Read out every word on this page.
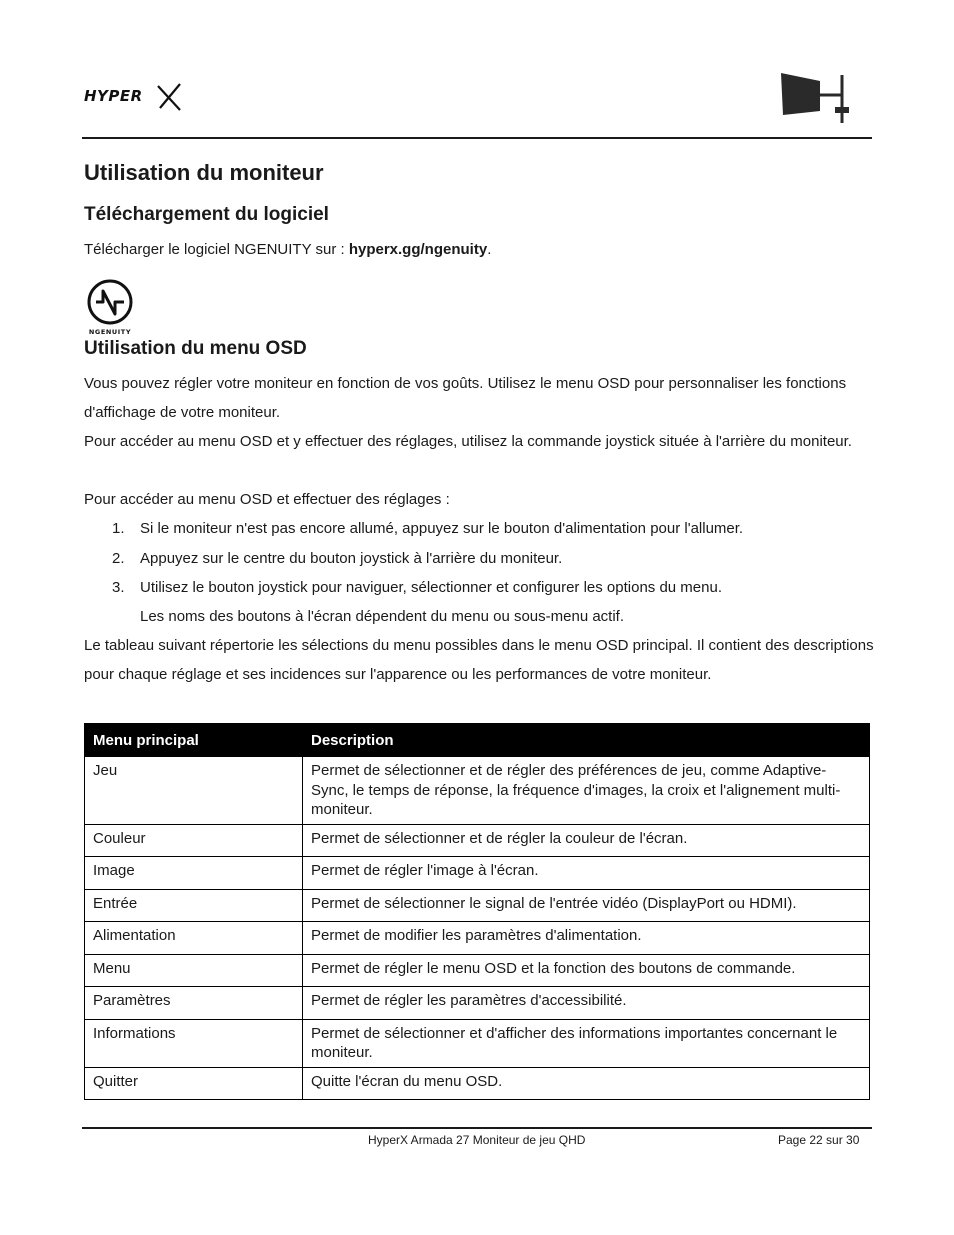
HYPER
Utilisation du moniteur
Téléchargement du logiciel
Télécharger le logiciel NGENUITY sur : hyperx.gg/ngenuity.
NGENUITY
Utilisation du menu OSD
Vous pouvez régler votre moniteur en fonction de vos goûts. Utilisez le menu OSD pour personnaliser les fonctions d'affichage de votre moniteur.
Pour accéder au menu OSD et y effectuer des réglages, utilisez la commande joystick située à l'arrière du moniteur.
Pour accéder au menu OSD et effectuer des réglages :
1. Si le moniteur n'est pas encore allumé, appuyez sur le bouton d'alimentation pour l'allumer.
2. Appuyez sur le centre du bouton joystick à l'arrière du moniteur.
3. Utilisez le bouton joystick pour naviguer, sélectionner et configurer les options du menu.
Les noms des boutons à l'écran dépendent du menu ou sous-menu actif.
Le tableau suivant répertorie les sélections du menu possibles dans le menu OSD principal. Il contient des descriptions pour chaque réglage et ses incidences sur l'apparence ou les performances de votre moniteur.
Menu principal	Description
Jeu	Permet de sélectionner et de régler des préférences de jeu, comme Adaptive-Sync, le temps de réponse, la fréquence d'images, la croix et l'alignement multi-moniteur.
Couleur	Permet de sélectionner et de régler la couleur de l'écran.
Image	Permet de régler l'image à l'écran.
Entrée	Permet de sélectionner le signal de l'entrée vidéo (DisplayPort ou HDMI).
Alimentation	Permet de modifier les paramètres d'alimentation.
Menu	Permet de régler le menu OSD et la fonction des boutons de commande.
Paramètres	Permet de régler les paramètres d'accessibilité.
Informations	Permet de sélectionner et d'afficher des informations importantes concernant le moniteur.
Quitter	Quitte l'écran du menu OSD.
HyperX Armada 27 Moniteur de jeu QHD	Page 22 sur 30
